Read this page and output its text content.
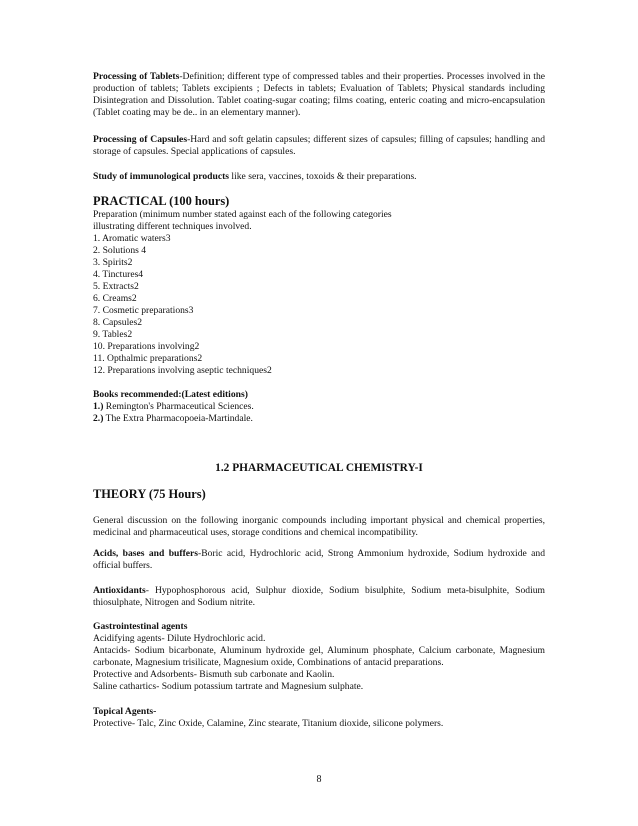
Processing of Tablets-Definition; different type of compressed tables and their properties. Processes involved in the production of tablets; Tablets excipients ; Defects in tablets; Evaluation of Tablets; Physical standards including Disintegration and Dissolution. Tablet coating-sugar coating; films coating, enteric coating and micro-encapsulation (Tablet coating may be de.. in an elementary manner).

Processing of Capsules-Hard and soft gelatin capsules; different sizes of capsules; filling of capsules; handling and storage of capsules. Special applications of capsules.

Study of immunological products like sera, vaccines, toxoids & their preparations.

PRACTICAL (100 hours)

Preparation (minimum number stated against each of the following categories

illustrating different techniques involved.

1. Aromatic waters3

2. Solutions 4

3. Spirits2

4. Tinctures4

5. Extracts2

6. Creams2

7. Cosmetic preparations3

8. Capsules2

9. Tables2

10. Preparations involving2

11. Opthalmic preparations2

12. Preparations involving aseptic techniques2

Books recommended:(Latest editions)

1.) Remington's Pharmaceutical Sciences.

2.) The Extra Pharmacopoeia-Martindale.

1.2 PHARMACEUTICAL CHEMISTRY-I

THEORY (75 Hours)

General discussion on the following inorganic compounds including important physical and chemical properties, medicinal and pharmaceutical uses, storage conditions and chemical incompatibility.

Acids, bases and buffers-Boric acid, Hydrochloric acid, Strong Ammonium hydroxide, Sodium hydroxide and official buffers.

Antioxidants- Hypophosphorous acid, Sulphur dioxide, Sodium bisulphite, Sodium meta-bisulphite, Sodium thiosulphate, Nitrogen and Sodium nitrite.

Gastrointestinal agents

Acidifying agents- Dilute Hydrochloric acid.

Antacids- Sodium bicarbonate, Aluminum hydroxide gel, Aluminum phosphate, Calcium carbonate, Magnesium carbonate, Magnesium trisilicate, Magnesium oxide, Combinations of antacid preparations.

Protective and Adsorbents- Bismuth sub carbonate and Kaolin.

Saline cathartics- Sodium potassium tartrate and Magnesium sulphate.

Topical Agents-

Protective- Talc, Zinc Oxide, Calamine, Zinc stearate, Titanium dioxide, silicone polymers.

8
